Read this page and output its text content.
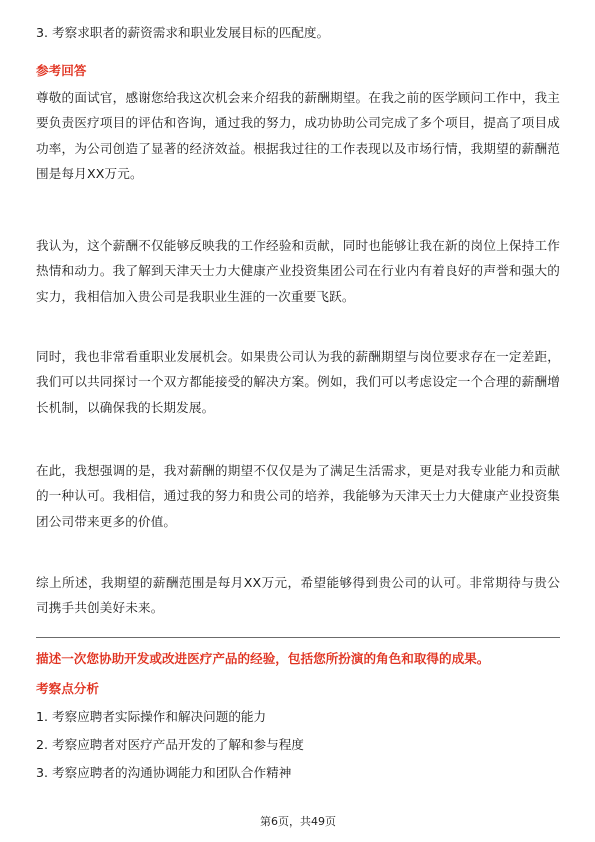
3. 考察求职者的薪资需求和职业发展目标的匹配度。
参考回答
尊敬的面试官，感谢您给我这次机会来介绍我的薪酬期望。在我之前的医学顾问工作中，我主要负责医疗项目的评估和咨询，通过我的努力，成功协助公司完成了多个项目，提高了项目成功率，为公司创造了显著的经济效益。根据我过往的工作表现以及市场行情，我期望的薪酬范围是每月XX万元。
我认为，这个薪酬不仅能够反映我的工作经验和贡献，同时也能够让我在新的岗位上保持工作热情和动力。我了解到天津天士力大健康产业投资集团公司在行业内有着良好的声誉和强大的实力，我相信加入贵公司是我职业生涯的一次重要飞跃。
同时，我也非常看重职业发展机会。如果贵公司认为我的薪酬期望与岗位要求存在一定差距，我们可以共同探讨一个双方都能接受的解决方案。例如，我们可以考虑设定一个合理的薪酬增长机制，以确保我的长期发展。
在此，我想强调的是，我对薪酬的期望不仅仅是为了满足生活需求，更是对我专业能力和贡献的一种认可。我相信，通过我的努力和贵公司的培养，我能够为天津天士力大健康产业投资集团公司带来更多的价值。
综上所述，我期望的薪酬范围是每月XX万元，希望能够得到贵公司的认可。非常期待与贵公司携手共创美好未来。
描述一次您协助开发或改进医疗产品的经验，包括您所扮演的角色和取得的成果。
考察点分析
1. 考察应聘者实际操作和解决问题的能力
2. 考察应聘者对医疗产品开发的了解和参与程度
3. 考察应聘者的沟通协调能力和团队合作精神
第6页，共49页
